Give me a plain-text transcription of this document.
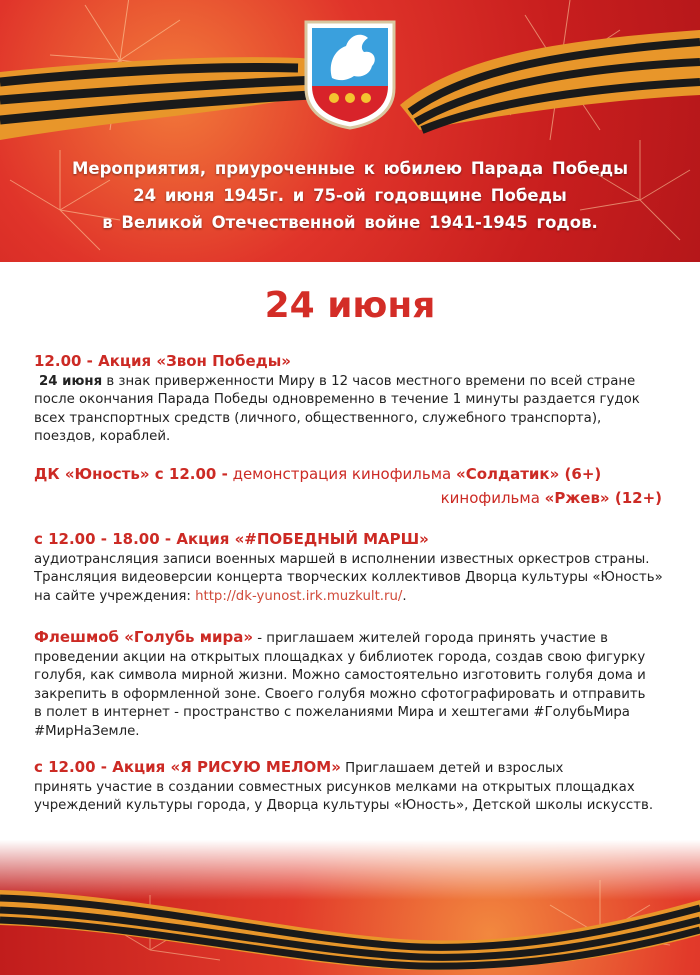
Мероприятия, приуроченные к юбилею Парада Победы
24 июня 1945г. и 75-ой годовщине Победы
в Великой Отечественной войне 1941-1945 годов.
24 июня
12.00 - Акция «Звон Победы»
24 июня в знак приверженности Миру в 12 часов местного времени по всей стране
после окончания Парада Победы одновременно в течение 1 минуты раздается гудок
всех транспортных средств (личного, общественного, служебного транспорта),
поездов, кораблей.
ДК «Юность» с 12.00 - демонстрация кинофильма «Солдатик» (6+)
кинофильма «Ржев» (12+)
с 12.00 - 18.00 - Акция «#ПОБЕДНЫЙ МАРШ»
аудиотрансляция записи военных маршей в исполнении известных оркестров страны.
Трансляция видеоверсии концерта творческих коллективов Дворца культуры «Юность»
на сайте учреждения: http://dk-yunost.irk.muzkult.ru/.
Флешмоб «Голубь мира» - приглашаем жителей города принять участие в
проведении акции на открытых площадках у библиотек города, создав свою фигурку
голубя, как символа мирной жизни. Можно самостоятельно изготовить голубя дома и
закрепить в оформленной зоне. Своего голубя можно сфотографировать и отправить
в полет в интернет - пространство с пожеланиями Мира и хештегами #ГолубьМира
#МирНаЗемле.
с 12.00 - Акция «Я РИСУЮ МЕЛОМ» Приглашаем детей и взрослых
принять участие в создании совместных рисунков мелками на открытых площадках
учреждений культуры города, у Дворца культуры «Юность», Детской школы искусств.
